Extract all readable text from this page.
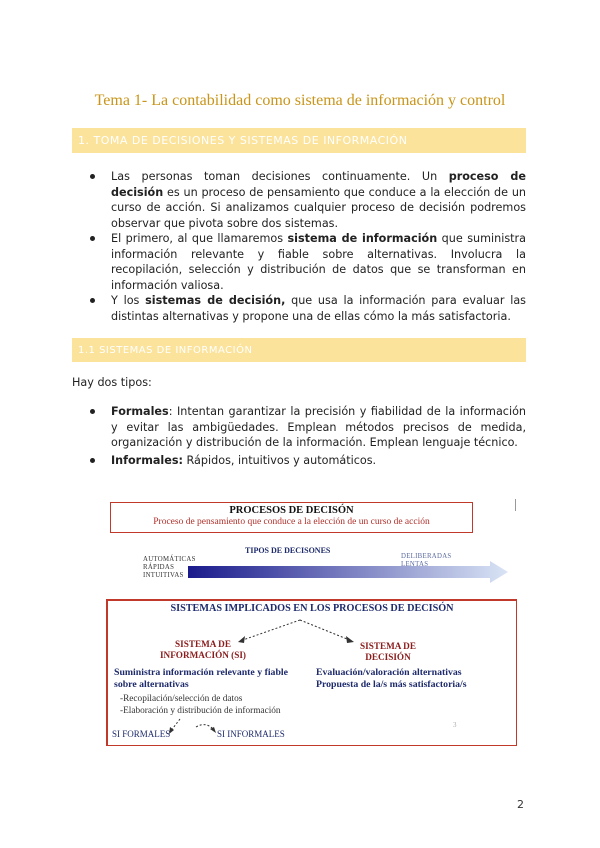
Tema 1- La contabilidad como sistema de información y control
1. TOMA DE DECISIONES Y SISTEMAS DE INFORMACIÓN
Las personas toman decisiones continuamente. Un proceso de decisión es un proceso de pensamiento que conduce a la elección de un curso de acción. Si analizamos cualquier proceso de decisión podremos observar que pivota sobre dos sistemas.
El primero, al que llamaremos sistema de información que suministra información relevante y fiable sobre alternativas. Involucra la recopilación, selección y distribución de datos que se transforman en información valiosa.
Y los sistemas de decisión, que usa la información para evaluar las distintas alternativas y propone una de ellas cómo la más satisfactoria.
1.1 SISTEMAS DE INFORMACIÓN
Hay dos tipos:
Formales: Intentan garantizar la precisión y fiabilidad de la información y evitar las ambigüedades. Emplean métodos precisos de medida, organización y distribución de la información. Emplean lenguaje técnico.
Informales: Rápidos, intuitivos y automáticos.
PROCESOS DE DECISÓN
Proceso de pensamiento que conduce a la elección de un curso de acción
TIPOS DE DECISONES
AUTOMÁTICAS
RÁPIDAS
INTUITIVAS
DELIBERADAS
LENTAS
SISTEMAS IMPLICADOS EN LOS PROCESOS DE DECISÓN
SISTEMA DE
INFORMACIÓN (SI)
SISTEMA DE
DECISIÓN
Suministra información relevante y fiable
sobre alternativas
-Recopilación/selección de datos
-Elaboración y distribución de información
Evaluación/valoración alternativas
Propuesta de la/s más satisfactoria/s
SI FORMALES	SI INFORMALES
3
2
